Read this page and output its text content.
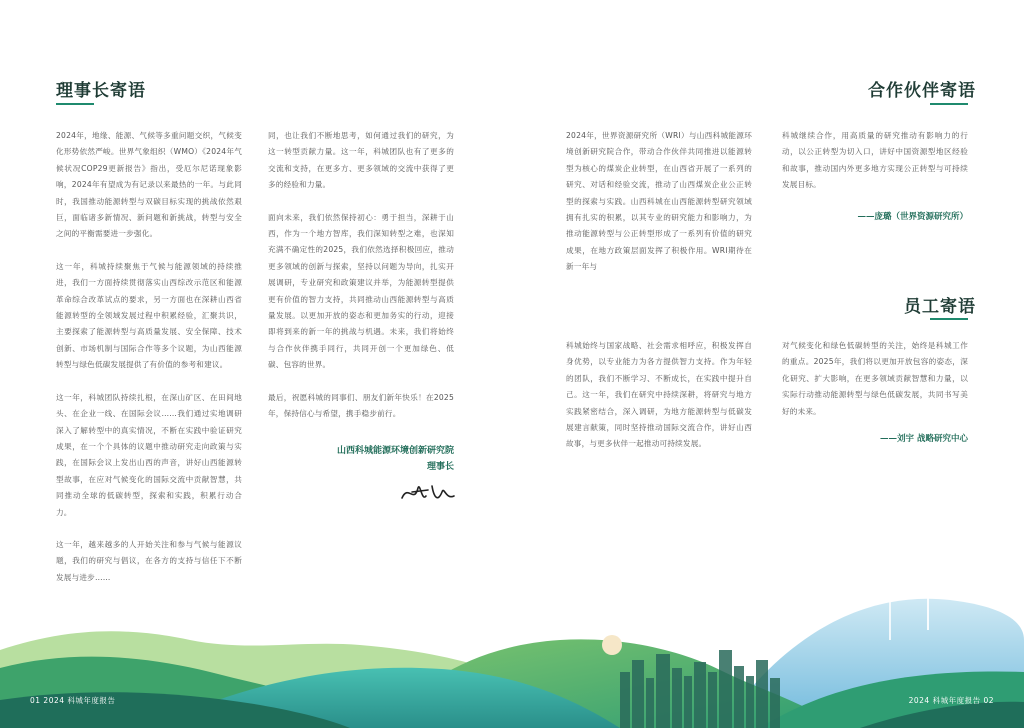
理事长寄语

2024年，地缘、能源、气候等多重问题交织，气候变化形势依然严峻。世界气象组织（WMO）《2024年气候状况COP29更新报告》指出，受厄尔尼诺现象影响，2024年有望成为有记录以来最热的一年。与此同时，我国推动能源转型与双碳目标实现的挑战依然艰巨，面临诸多新情况、新问题和新挑战，转型与安全之间的平衡需要进一步强化。

这一年，科城持续聚焦于气候与能源领域的持续推进，我们一方面持续贯彻落实山西综改示范区和能源革命综合改革试点的要求，另一方面也在深耕山西省能源转型的全领域发展过程中积累经验，汇聚共识，主要探索了能源转型与高质量发展、安全保障、技术创新、市场机制与国际合作等多个议题，为山西能源转型与绿色低碳发展提供了有价值的参考和建议。

这一年，科城团队持续扎根，在深山矿区、在田间地头、在企业一线、在国际会议……我们通过实地调研深入了解转型中的真实情况，不断在实践中验证研究成果，在一个个具体的议题中推动研究走向政策与实践，在国际会议上发出山西的声音，讲好山西能源转型故事，在应对气候变化的国际交流中贡献智慧，共同推动全球的低碳转型，探索和实践，积累行动合力。

这一年，越来越多的人开始关注和参与气候与能源议题，我们的研究与倡议，在各方的支持与信任下不断发展与进步……

同，也让我们不断地思考，如何通过我们的研究，为这一转型贡献力量。这一年，科城团队也有了更多的交流和支持，在更多方、更多领域的交流中获得了更多的经验和力量。

面向未来，我们依然保持初心：勇于担当，深耕于山西，作为一个地方智库，我们深知转型之难，也深知充满不确定性的2025，我们依然选择积极回应，推动更多领域的创新与探索，坚持以问题为导向，扎实开展调研，专业研究和政策建议并举，为能源转型提供更有价值的智力支持，共同推动山西能源转型与高质量发展。以更加开放的姿态和更加务实的行动，迎接即将到来的新一年的挑战与机遇。未来，我们将始终与合作伙伴携手同行，共同开创一个更加绿色、低碳、包容的世界。

最后，祝愿科城的同事们、朋友们新年快乐！在2025年，保持信心与希望，携手稳步前行。

山西科城能源环境创新研究院
理事长
01 2024 科城年度报告
合作伙伴寄语

2024年，世界资源研究所（WRI）与山西科城能源环境创新研究院合作，带动合作伙伴共同推进以能源转型为核心的煤炭企业转型，在山西省开展了一系列的研究、对话和经验交流，推动了山西煤炭企业公正转型的探索与实践。山西科城在山西能源转型研究领域拥有扎实的积累，以其专业的研究能力和影响力，为推动能源转型与公正转型形成了一系列有价值的研究成果，在地方政策层面发挥了积极作用。WRI期待在新一年与

科城继续合作，用高质量的研究推动有影响力的行动，以公正转型为切入口，讲好中国资源型地区经验和故事，推动国内外更多地方实现公正转型与可持续发展目标。

——庞璐（世界资源研究所）
员工寄语

科城始终与国家战略、社会需求相呼应，积极发挥自身优势，以专业能力为各方提供智力支持。作为年轻的团队，我们不断学习、不断成长，在实践中提升自己。这一年，我们在研究中持续深耕，将研究与地方实践紧密结合，深入调研，为地方能源转型与低碳发展建言献策，同时坚持推动国际交流合作，讲好山西故事，与更多伙伴一起推动可持续发展。

对气候变化和绿色低碳转型的关注，始终是科城工作的重点。2025年，我们将以更加开放包容的姿态，深化研究、扩大影响，在更多领域贡献智慧和力量，以实际行动推动能源转型与绿色低碳发展，共同书写美好的未来。

——刘宇 战略研究中心
2024 科城年度报告 02
